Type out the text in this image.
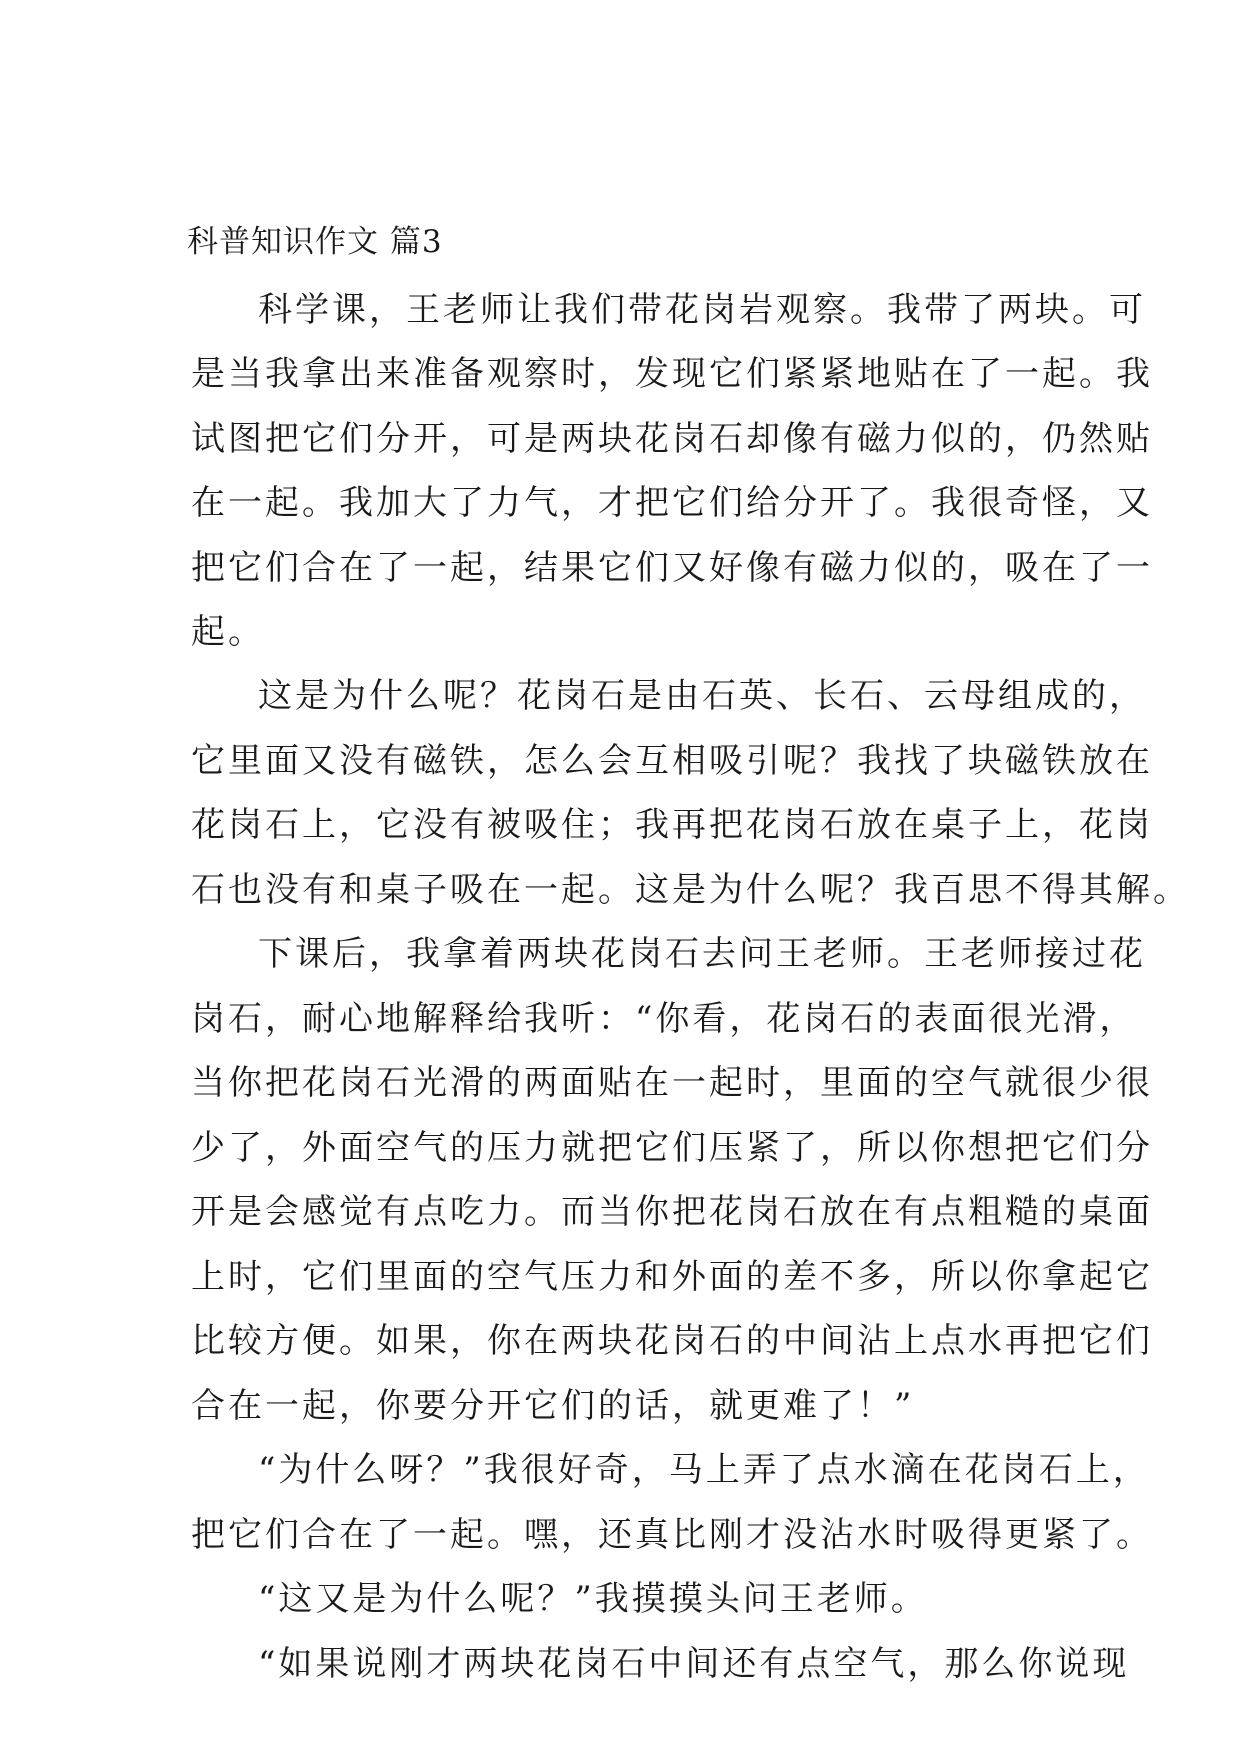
科普知识作文 篇3
科学课，王老师让我们带花岗岩观察。我带了两块。可
是当我拿出来准备观察时，发现它们紧紧地贴在了一起。我
试图把它们分开，可是两块花岗石却像有磁力似的，仍然贴
在一起。我加大了力气，才把它们给分开了。我很奇怪，又
把它们合在了一起，结果它们又好像有磁力似的，吸在了一
起。
这是为什么呢？花岗石是由石英、长石、云母组成的，
它里面又没有磁铁，怎么会互相吸引呢？我找了块磁铁放在
花岗石上，它没有被吸住；我再把花岗石放在桌子上，花岗
石也没有和桌子吸在一起。这是为什么呢？我百思不得其解。
下课后，我拿着两块花岗石去问王老师。王老师接过花
岗石，耐心地解释给我听：“你看，花岗石的表面很光滑，
当你把花岗石光滑的两面贴在一起时，里面的空气就很少很
少了，外面空气的压力就把它们压紧了，所以你想把它们分
开是会感觉有点吃力。而当你把花岗石放在有点粗糙的桌面
上时，它们里面的空气压力和外面的差不多，所以你拿起它
比较方便。如果，你在两块花岗石的中间沾上点水再把它们
合在一起，你要分开它们的话，就更难了！”
“为什么呀？”我很好奇，马上弄了点水滴在花岗石上，
把它们合在了一起。嘿，还真比刚才没沾水时吸得更紧了。
“这又是为什么呢？”我摸摸头问王老师。
“如果说刚才两块花岗石中间还有点空气，那么你说现
